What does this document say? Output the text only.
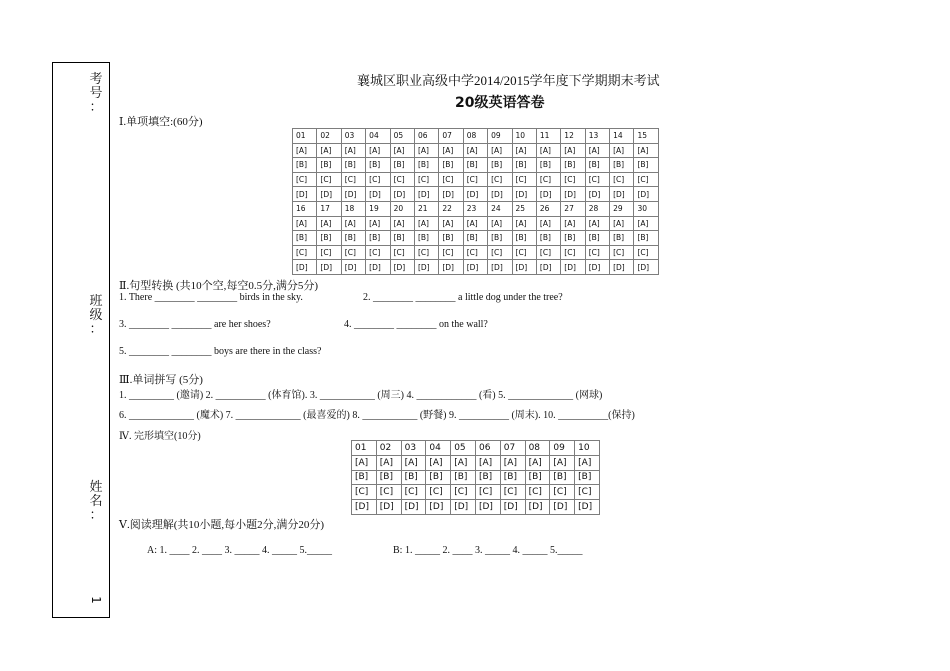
考
号
：
班
级
：
姓
名
：
1
襄城区职业高级中学2014/2015学年度下学期期末考试
20级英语答卷
Ⅰ.单项填空:(60分)
01	02	03	04	05	06	07	08	09	10	11	12	13	14	15
[A]	[A]	[A]	[A]	[A]	[A]	[A]	[A]	[A]	[A]	[A]	[A]	[A]	[A]	[A]
[B]	[B]	[B]	[B]	[B]	[B]	[B]	[B]	[B]	[B]	[B]	[B]	[B]	[B]	[B]
[C]	[C]	[C]	[C]	[C]	[C]	[C]	[C]	[C]	[C]	[C]	[C]	[C]	[C]	[C]
[D]	[D]	[D]	[D]	[D]	[D]	[D]	[D]	[D]	[D]	[D]	[D]	[D]	[D]	[D]
16	17	18	19	20	21	22	23	24	25	26	27	28	29	30
[A]	[A]	[A]	[A]	[A]	[A]	[A]	[A]	[A]	[A]	[A]	[A]	[A]	[A]	[A]
[B]	[B]	[B]	[B]	[B]	[B]	[B]	[B]	[B]	[B]	[B]	[B]	[B]	[B]	[B]
[C]	[C]	[C]	[C]	[C]	[C]	[C]	[C]	[C]	[C]	[C]	[C]	[C]	[C]	[C]
[D]	[D]	[D]	[D]	[D]	[D]	[D]	[D]	[D]	[D]	[D]	[D]	[D]	[D]	[D]
Ⅱ.句型转换 (共10个空,每空0.5分,满分5分)
1. There ________ ________ birds in the sky.	2. ________ ________ a little dog under the tree?
3. ________ ________ are her shoes?	4. ________ ________ on the wall?
5. ________ ________ boys are there in the class?
Ⅲ.单词拼写 (5分)
1. _________ (邀请) 2. __________ (体育馆). 3. ___________ (周三) 4. ____________ (看) 5. _____________ (网球)
6. _____________ (魔术) 7. _____________ (最喜爱的) 8. ___________ (野餐) 9. __________ (周末). 10. __________(保持)
Ⅳ. 完形填空(10分)
01	02	03	04	05	06	07	08	09	10
[A]	[A]	[A]	[A]	[A]	[A]	[A]	[A]	[A]	[A]
[B]	[B]	[B]	[B]	[B]	[B]	[B]	[B]	[B]	[B]
[C]	[C]	[C]	[C]	[C]	[C]	[C]	[C]	[C]	[C]
[D]	[D]	[D]	[D]	[D]	[D]	[D]	[D]	[D]	[D]
Ⅴ.阅读理解(共10小题,每小题2分,满分20分)
A: 1. ____ 2. ____ 3. _____ 4. _____ 5._____	B: 1. _____ 2. ____ 3. _____ 4. _____ 5._____
